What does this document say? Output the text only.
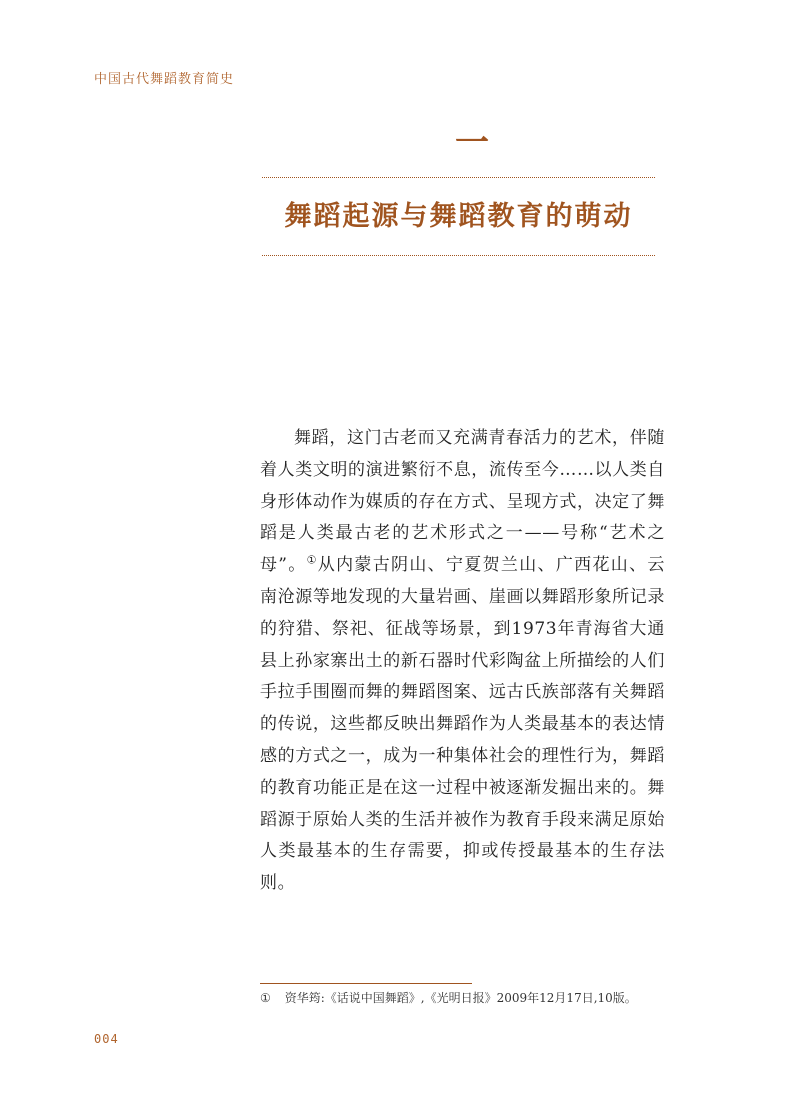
中国古代舞蹈教育简史
一
舞蹈起源与舞蹈教育的萌动

舞蹈，这门古老而又充满青春活力的艺术，伴随着人类文明的演进繁衍不息，流传至今……以人类自身形体动作为媒质的存在方式、呈现方式，决定了舞蹈是人类最古老的艺术形式之一——号称“艺术之母”。①从内蒙古阴山、宁夏贺兰山、广西花山、云南沧源等地发现的大量岩画、崖画以舞蹈形象所记录的狩猎、祭祀、征战等场景，到1973年青海省大通县上孙家寨出土的新石器时代彩陶盆上所描绘的人们手拉手围圈而舞的舞蹈图案、远古氏族部落有关舞蹈的传说，这些都反映出舞蹈作为人类最基本的表达情感的方式之一，成为一种集体社会的理性行为，舞蹈的教育功能正是在这一过程中被逐渐发掘出来的。舞蹈源于原始人类的生活并被作为教育手段来满足原始人类最基本的生存需要，抑或传授最基本的生存法则。

① 资华筠:《话说中国舞蹈》,《光明日报》2009年12月17日,10版。
004
